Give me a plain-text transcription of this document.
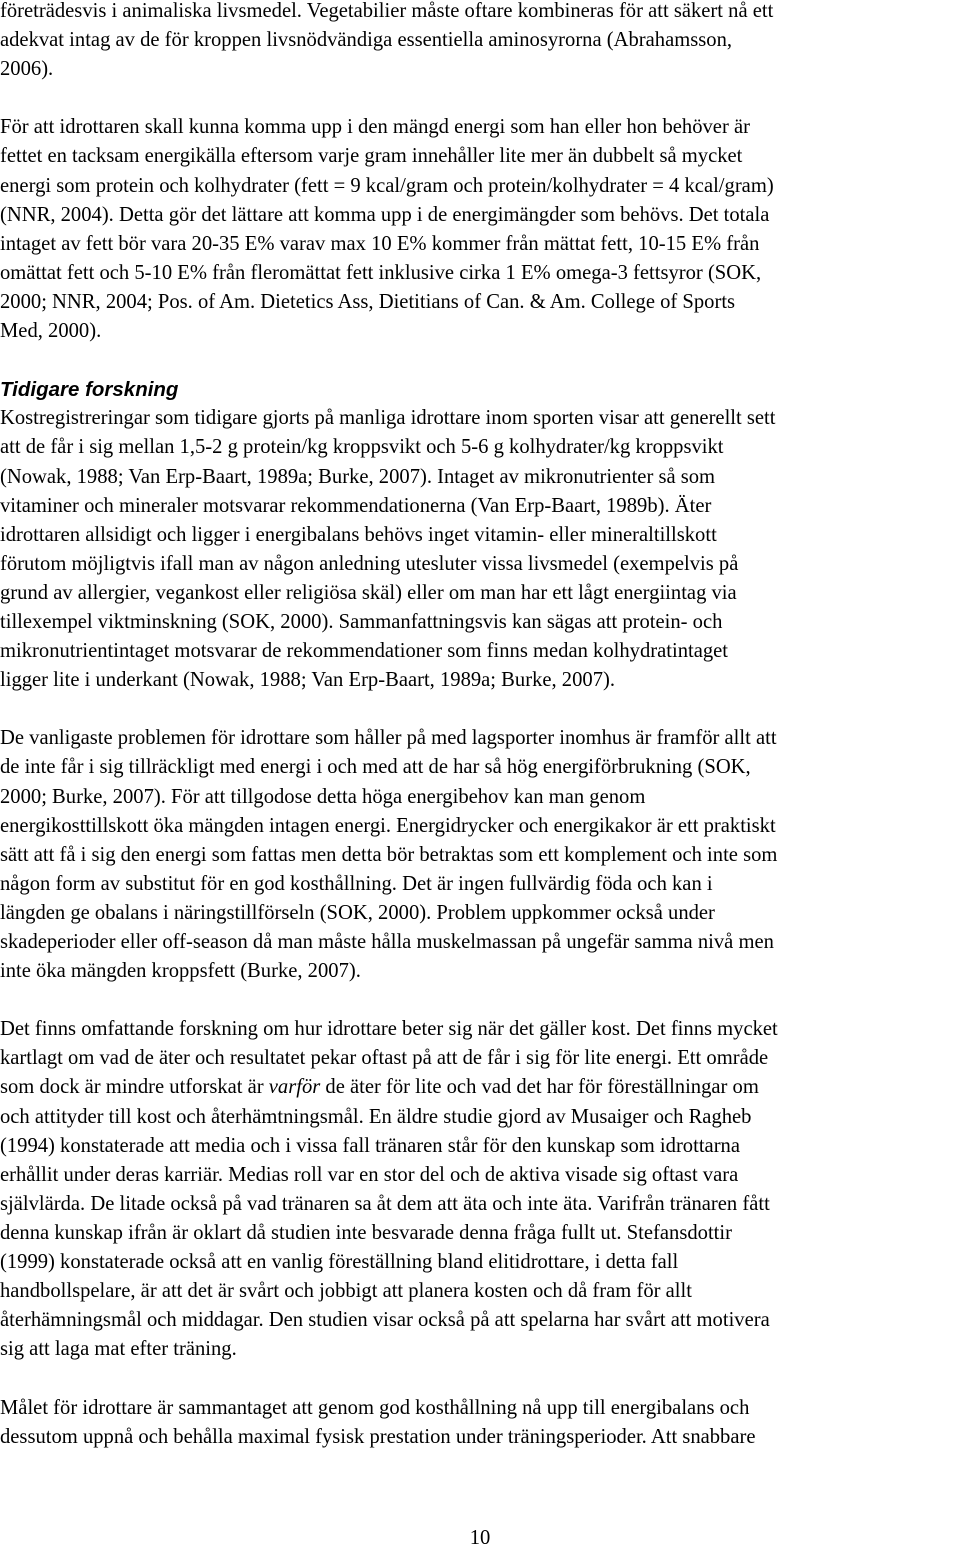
företrädesvis i animaliska livsmedel. Vegetabilier måste oftare kombineras för att säkert nå ett
adekvat intag av de för kroppen livsnödvändiga essentiella aminosyrorna (Abrahamsson,
2006).

För att idrottaren skall kunna komma upp i den mängd energi som han eller hon behöver är
fettet en tacksam energikälla eftersom varje gram innehåller lite mer än dubbelt så mycket
energi som protein och kolhydrater (fett = 9 kcal/gram och protein/kolhydrater = 4 kcal/gram)
(NNR, 2004). Detta gör det lättare att komma upp i de energimängder som behövs. Det totala
intaget av fett bör vara 20-35 E% varav max 10 E% kommer från mättat fett, 10-15 E% från
omättat fett och 5-10 E% från fleromättat fett inklusive cirka 1 E% omega-3 fettsyror (SOK,
2000; NNR, 2004; Pos. of Am. Dietetics Ass, Dietitians of Can. & Am. College of Sports
Med, 2000).

Tidigare forskning

Kostregistreringar som tidigare gjorts på manliga idrottare inom sporten visar att generellt sett
att de får i sig mellan 1,5-2 g protein/kg kroppsvikt och 5-6 g kolhydrater/kg kroppsvikt
(Nowak, 1988; Van Erp-Baart, 1989a; Burke, 2007). Intaget av mikronutrienter så som
vitaminer och mineraler motsvarar rekommendationerna (Van Erp-Baart, 1989b). Äter
idrottaren allsidigt och ligger i energibalans behövs inget vitamin- eller mineraltillskott
förutom möjligtvis ifall man av någon anledning utesluter vissa livsmedel (exempelvis på
grund av allergier, vegankost eller religiösa skäl) eller om man har ett lågt energiintag via
tillexempel viktminskning (SOK, 2000). Sammanfattningsvis kan sägas att protein- och
mikronutrientintaget motsvarar de rekommendationer som finns medan kolhydratintaget
ligger lite i underkant (Nowak, 1988; Van Erp-Baart, 1989a; Burke, 2007).

De vanligaste problemen för idrottare som håller på med lagsporter inomhus är framför allt att
de inte får i sig tillräckligt med energi i och med att de har så hög energiförbrukning (SOK,
2000; Burke, 2007). För att tillgodose detta höga energibehov kan man genom
energikosttillskott öka mängden intagen energi. Energidrycker och energikakor är ett praktiskt
sätt att få i sig den energi som fattas men detta bör betraktas som ett komplement och inte som
någon form av substitut för en god kosthållning. Det är ingen fullvärdig föda och kan i
längden ge obalans i näringstillförseln (SOK, 2000). Problem uppkommer också under
skadeperioder eller off-season då man måste hålla muskelmassan på ungefär samma nivå men
inte öka mängden kroppsfett (Burke, 2007).

Det finns omfattande forskning om hur idrottare beter sig när det gäller kost. Det finns mycket
kartlagt om vad de äter och resultatet pekar oftast på att de får i sig för lite energi. Ett område
som dock är mindre utforskat är varför de äter för lite och vad det har för föreställningar om
och attityder till kost och återhämtningsmål. En äldre studie gjord av Musaiger och Ragheb
(1994) konstaterade att media och i vissa fall tränaren står för den kunskap som idrottarna
erhållit under deras karriär. Medias roll var en stor del och de aktiva visade sig oftast vara
självlärda. De litade också på vad tränaren sa åt dem att äta och inte äta. Varifrån tränaren fått
denna kunskap ifrån är oklart då studien inte besvarade denna fråga fullt ut. Stefansdottir
(1999) konstaterade också att en vanlig föreställning bland elitidrottare, i detta fall
handbollspelare, är att det är svårt och jobbigt att planera kosten och då fram för allt
återhämningsmål och middagar. Den studien visar också på att spelarna har svårt att motivera
sig att laga mat efter träning.

Målet för idrottare är sammantaget att genom god kosthållning nå upp till energibalans och
dessutom uppnå och behålla maximal fysisk prestation under träningsperioder. Att snabbare

10
